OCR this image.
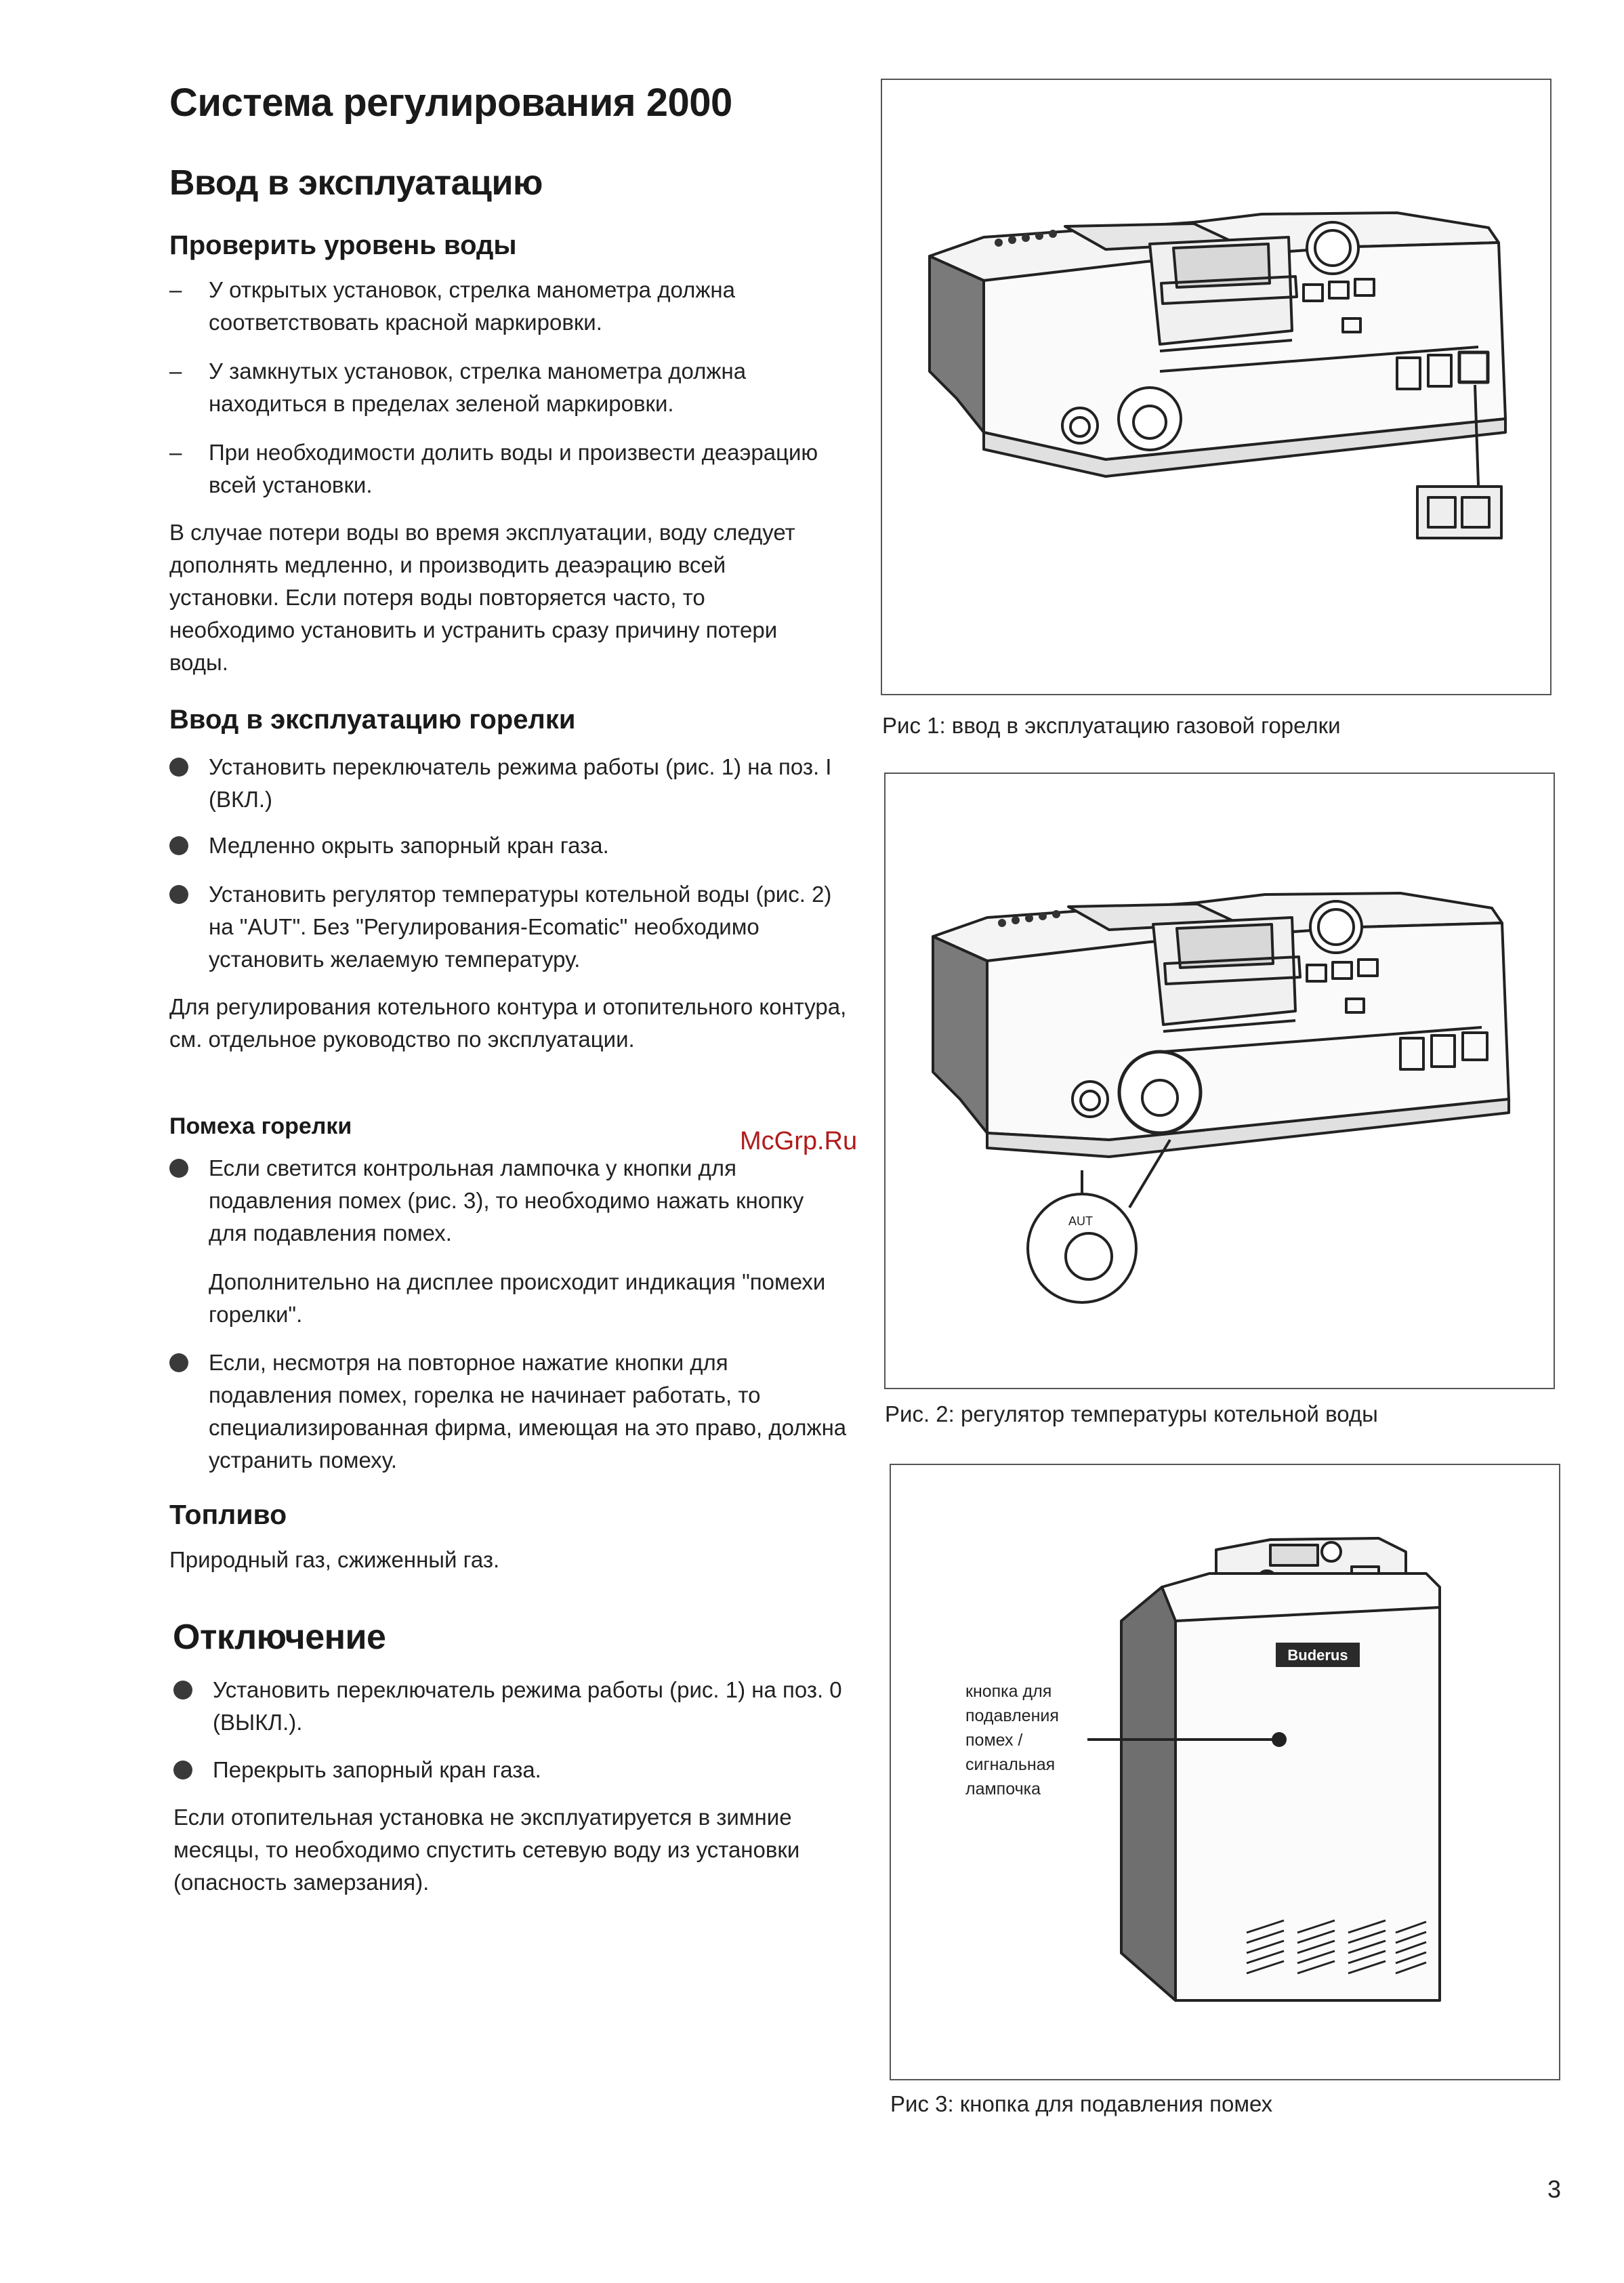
Система регулирования 2000
Ввод в эксплуатацию
Проверить уровень воды
– У открытых установок, стрелка манометра должна соответствовать красной маркировки.
– У замкнутых установок, стрелка манометра должна находиться в пределах зеленой маркировки.
– При необходимости долить воды и произвести деаэрацию всей установки.
В случае потери воды во время эксплуатации, воду следует дополнять медленно, и производить деаэрацию всей установки. Если потеря воды повторяется часто, то необходимо установить и устранить сразу причину потери воды.
Ввод в эксплуатацию горелки
Установить переключатель режима работы (рис. 1) на поз. I (ВКЛ.)
Медленно окрыть запорный кран газа.
Установить регулятор температуры котельной воды (рис. 2) на "AUT". Без "Регулирования-Ecomatic" необходимо установить желаемую температуру.
Для регулирования котельного контура и отопительного контура, см. отдельное руководство по эксплуатации.
Помеха горелки
Если светится контрольная лампочка у кнопки для подавления помех (рис. 3), то необходимо нажать кнопку для подавления помех.
Дополнительно на дисплее происходит индикация "помехи горелки".
Если, несмотря на повторное нажатие кнопки для подавления помех, горелка не начинает работать, то специализированная фирма, имеющая на это право, должна устранить помеху.
Топливо
Природный газ, сжиженный газ.
Отключение
Установить переключатель режима работы (рис. 1) на поз. 0 (ВЫКЛ.).
Перекрыть запорный кран газа.
Если отопительная установка не эксплуатируется в зимние месяцы, то необходимо спустить сетевую воду из установки (опасность замерзания).
McGrp.Ru
Рис 1: ввод в эксплуатацию газовой горелки
AUT
Рис. 2: регулятор температуры котельной воды
Buderus
кнопка для
подавления
помех /
сигнальная
лампочка
Рис 3: кнопка для подавления помех
3
